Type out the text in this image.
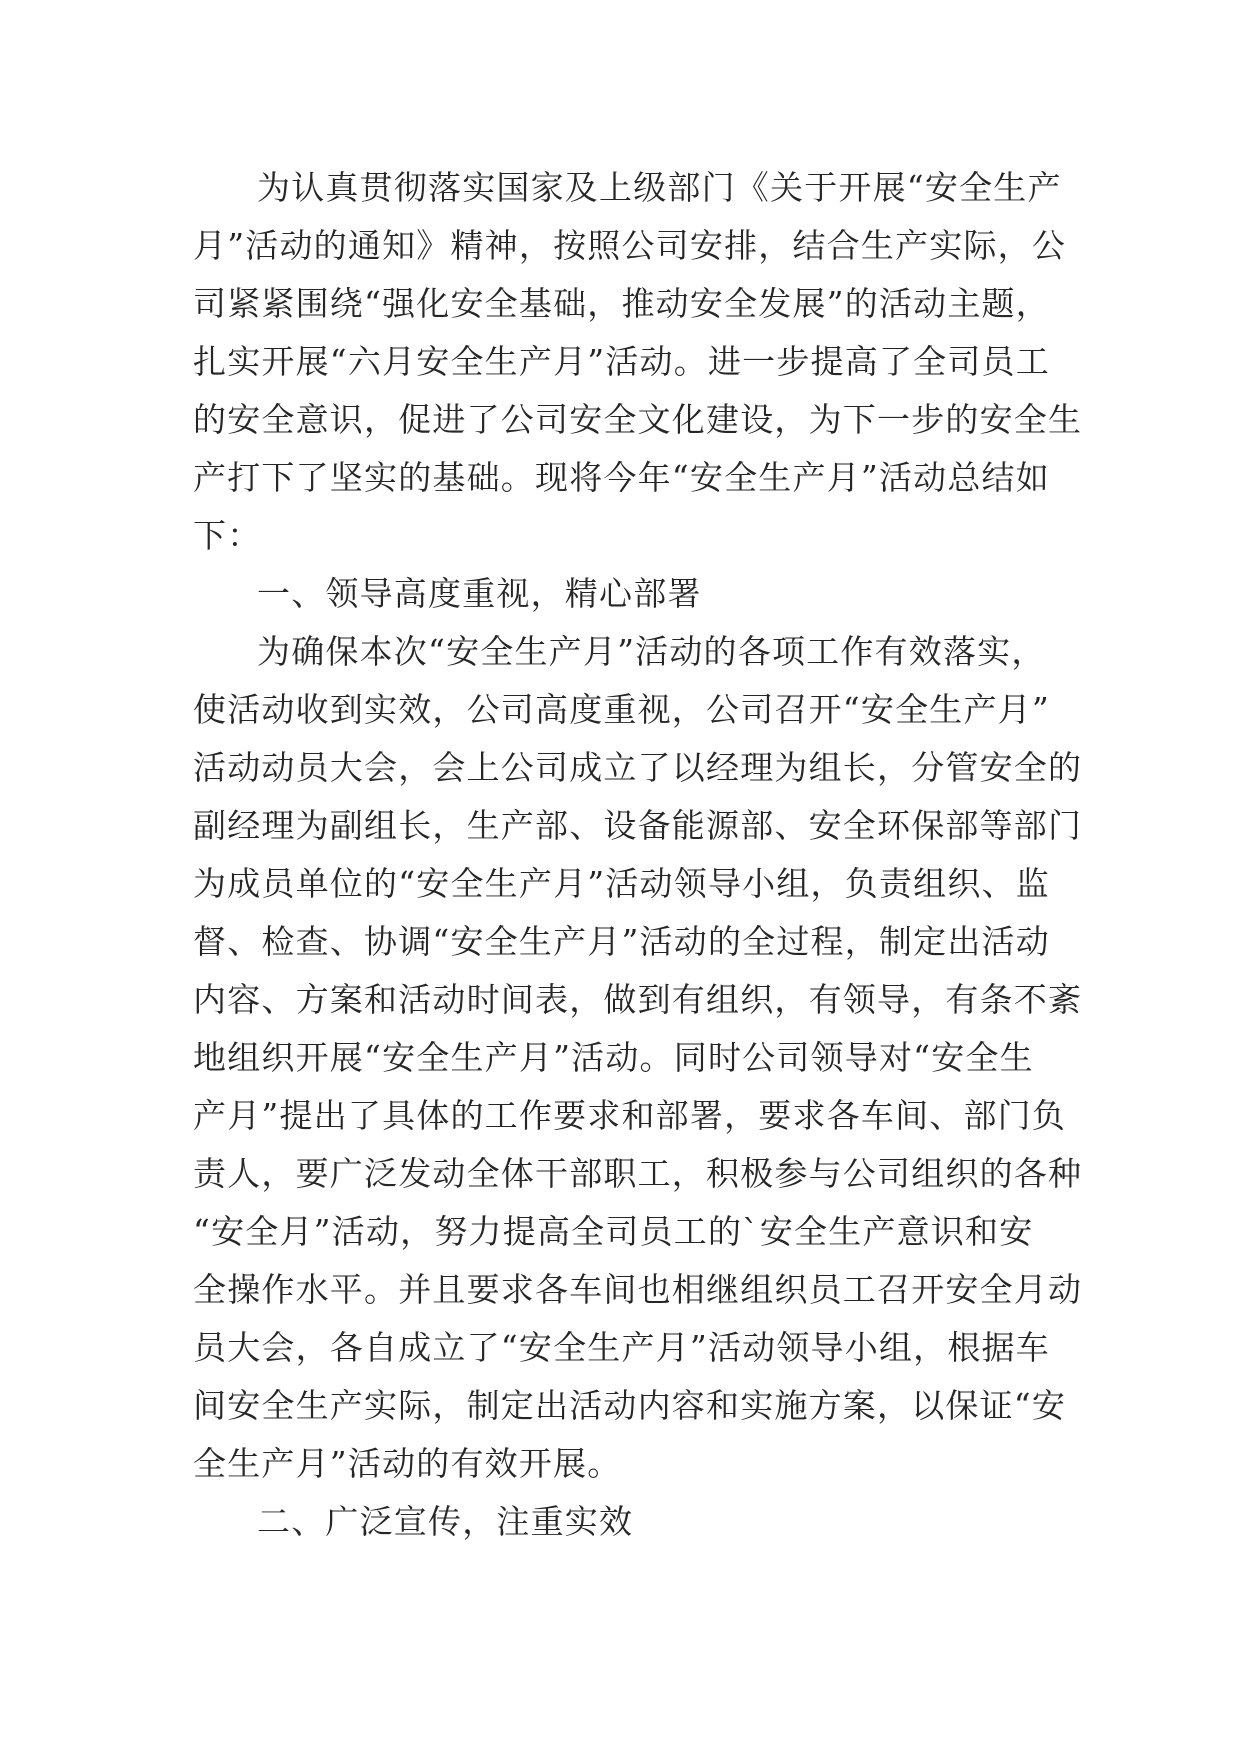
为认真贯彻落实国家及上级部门《关于开展“安全生产
月”活动的通知》精神，按照公司安排，结合生产实际，公
司紧紧围绕“强化安全基础，推动安全发展”的活动主题，
扎实开展“六月安全生产月”活动。进一步提高了全司员工
的安全意识，促进了公司安全文化建设，为下一步的安全生
产打下了坚实的基础。现将今年“安全生产月”活动总结如
下：
一、领导高度重视，精心部署
为确保本次“安全生产月”活动的各项工作有效落实，
使活动收到实效，公司高度重视，公司召开“安全生产月”
活动动员大会，会上公司成立了以经理为组长，分管安全的
副经理为副组长，生产部、设备能源部、安全环保部等部门
为成员单位的“安全生产月”活动领导小组，负责组织、监
督、检查、协调“安全生产月”活动的全过程，制定出活动
内容、方案和活动时间表，做到有组织，有领导，有条不紊
地组织开展“安全生产月”活动。同时公司领导对“安全生
产月”提出了具体的工作要求和部署，要求各车间、部门负
责人，要广泛发动全体干部职工，积极参与公司组织的各种
“安全月”活动，努力提高全司员工的`安全生产意识和安
全操作水平。并且要求各车间也相继组织员工召开安全月动
员大会，各自成立了“安全生产月”活动领导小组，根据车
间安全生产实际，制定出活动内容和实施方案，以保证“安
全生产月”活动的有效开展。
二、广泛宣传，注重实效
